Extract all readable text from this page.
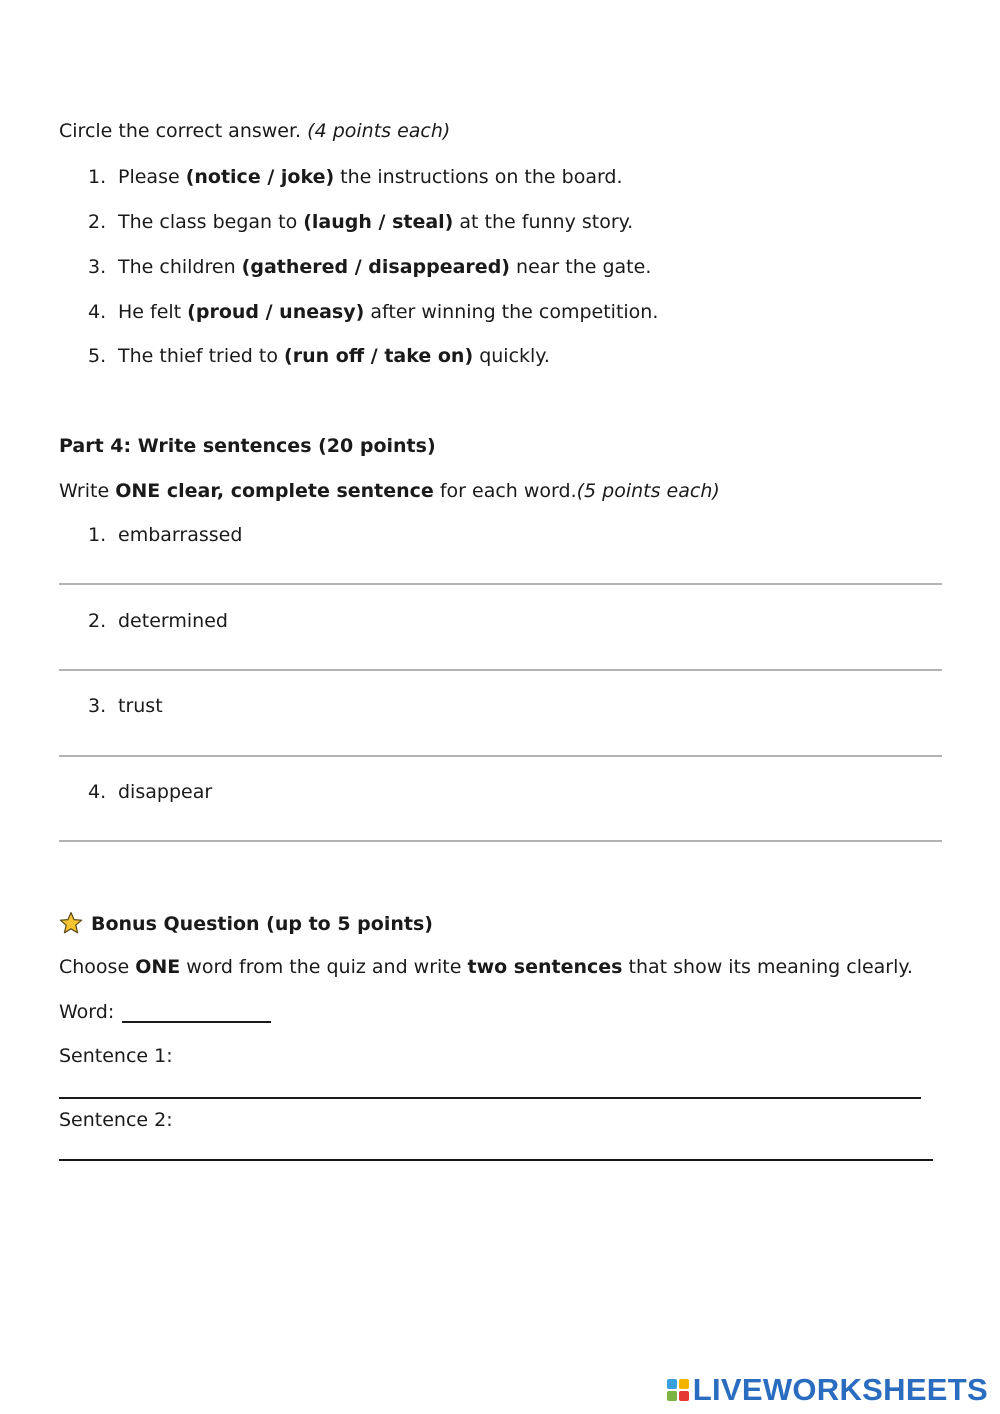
Circle the correct answer. (4 points each)
1. Please (notice / joke) the instructions on the board.
2. The class began to (laugh / steal) at the funny story.
3. The children (gathered / disappeared) near the gate.
4. He felt (proud / uneasy) after winning the competition.
5. The thief tried to (run off / take on) quickly.
Part 4: Write sentences (20 points)
Write ONE clear, complete sentence for each word.(5 points each)
1. embarrassed
2. determined
3. trust
4. disappear
Bonus Question (up to 5 points)
Choose ONE word from the quiz and write two sentences that show its meaning clearly.
Word:
Sentence 1:
Sentence 2:
LIVEWORKSHEETS
